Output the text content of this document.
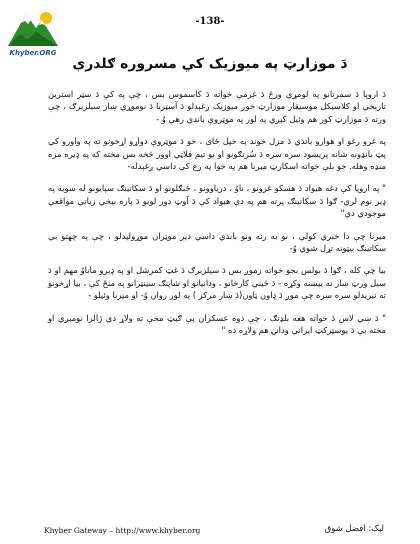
Khyber.ORG
-138-
دَ موزارټ په ميوزيک کي مسروره ګلدرې

دَ اروپا دَ سمرتانو په لومړي ورځ دَ غرمې خواته دَ کاسموس بس ، چې په کې دَ سټر استرين تاريخي او کلاسيکل موسيقار موزارټ خوږ ميوزيک ږغېدلو دَ آسټريا دَ نوموړي ښار سيلزبرګ ، چې ورته دَ موزارټ کور هم وئيل کيږي په لور په موټروې باندي رهي وُ -

په غرو رغو او هوارو باندي دَ مزل خوند په خپل ځای ، خو دَ موټروې دواړو اړخونو ته په واورو کي پټ بانډونه شانه پريښود سره سره دَ سُرتګونو او بو تيم فلاټي اوور څخه بس مخته که په ډيره مزه منډه وهله. خو بلې خواته اسکارټ ميرنا هم په خوا په ږغ کي داسي ږغېدله-

" په اروپا کې دغه هيواد دَ هسکو غرونو ، ناوُ ، درياوونو ، ځنګلونو او دَ سکاتينګ سپايونو له سوبه په ډير نوم لري- ګوا دَ سکاتينګ پرته هم په دې هيواد کې دَ آوټ دور لوبو دَ پاره بيخي زياتي مواقعي موجودي دي"

ميرنا چې دا خبري کولي ، نو به رنه ونو باندي داسي دير موټران موړوليدلو ، چې په چهتو بي سکاتينګ بيټونه تړل شوي وُ-

بيا چې کله ، ګوا دَ بولس بجو خواته زموږ بس دَ سيلزبرګ دَ غټ کمرشل او په ډيرو ماناوُ مهم او دَ سيل ورټ ښار ته ييښنه وکړه - دَ ځيني کارخانو ، ودانيانو او شاپنګ سينټرانو په منځ کې ، بيا اړخونو ته تيريدلو سره سره چې موږ دَ ډاون ټاون(دَ ښار مرکز ) په لور روان وُ- او ميرنا وئيلو -

" دَ ښي لاس دَ خواته هغه بلډنګ ، چې دوه عسکران پې ګيټ مخې ته ولاړ دي ژالزا نوميږي او مخته بې دَ يوسټرکټ ايراني ودانۍ هم ولاړه ده "

Khyber Gateway – http://www.khyber.org	ليک: افضل شوق
